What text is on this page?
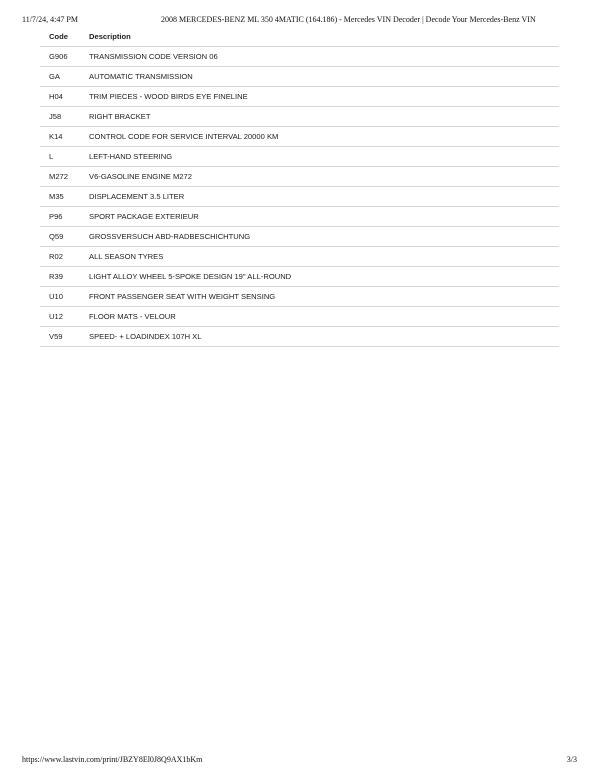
11/7/24, 4:47 PM	2008 MERCEDES-BENZ ML 350 4MATIC (164.186) - Mercedes VIN Decoder | Decode Your Mercedes-Benz VIN
Code	Description
G906	TRANSMISSION CODE VERSION 06
GA	AUTOMATIC TRANSMISSION
H04	TRIM PIECES - WOOD BIRDS EYE FINELINE
J58	RIGHT BRACKET
K14	CONTROL CODE FOR SERVICE INTERVAL 20000 KM
L	LEFT-HAND STEERING
M272	V6-GASOLINE ENGINE M272
M35	DISPLACEMENT 3.5 LITER
P96	SPORT PACKAGE EXTERIEUR
Q59	GROSSVERSUCH ABD-RADBESCHICHTUNG
R02	ALL SEASON TYRES
R39	LIGHT ALLOY WHEEL 5-SPOKE DESIGN 19" ALL-ROUND
U10	FRONT PASSENGER SEAT WITH WEIGHT SENSING
U12	FLOOR MATS - VELOUR
V59	SPEED- + LOADINDEX 107H XL
https://www.lastvin.com/print/JBZY8El0J8Q9AX1bKm	3/3
